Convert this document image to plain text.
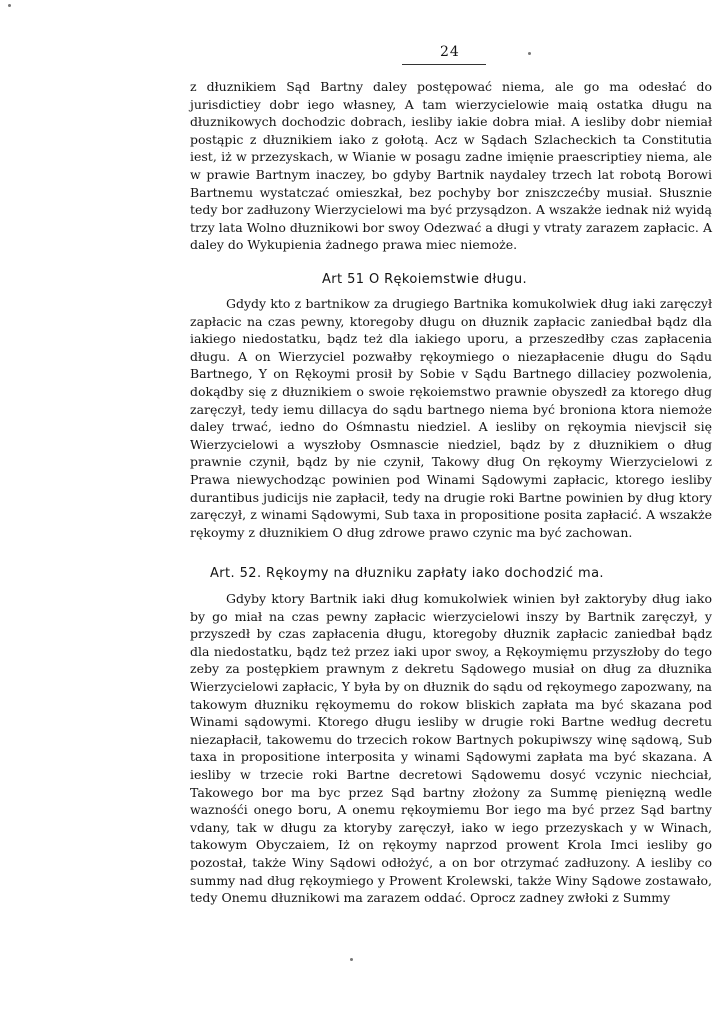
24

z dłuznikiem Sąd Bartny daley postępować niema, ale go ma odesłać do jurisdictiey dobr iego własney, A tam wierzycielowie maią ostatka długu na dłuznikowych dochodzic dobrach, iesliby iakie dobra miał. A iesliby dobr niemiał postąpic z dłuznikiem iako z gołotą. Acz w Sądach Szlacheckich ta Constitutia iest, iż w przezyskach, w Wianie w posagu zadne imięnie praescriptiey niema, ale w prawie Bartnym inaczey, bo gdyby Bartnik naydaley trzech lat robotą Borowi Bartnemu wystatczać omieszkał, bez pochyby bor zniszczećby musiał. Słusznie tedy bor zadłuzony Wierzycielowi ma być przysądzon. A wszakże iednak niż wyidą trzy lata Wolno dłuznikowi bor swoy Odezwać a długi y vtraty zarazem zapłacic. A daley do Wykupienia żadnego prawa miec niemoże.

Art 51 O Rękoiemstwie długu.

Gdydy kto z bartnikow za drugiego Bartnika komukolwiek dług iaki zaręczył zapłacic na czas pewny, ktoregoby długu on dłuznik zapłacic zaniedbał bądz dla iakiego niedostatku, bądz też dla iakiego uporu, a przeszedłby czas zapłacenia długu. A on Wierzyciel pozwałby rękoymiego o niezapłacenie długu do Sądu Bartnego, Y on Rękoymi prosił by Sobie v Sądu Bartnego dillaciey pozwolenia, dokądby się z dłuznikiem o swoie rękoiemstwo prawnie obyszedł za ktorego dług zaręczył, tedy iemu dillacya do sądu bartnego niema być broniona ktora niemoże daley trwać, iedno do Ośmnastu niedziel. A iesliby on rękoymia nievjscił się Wierzycielowi a wyszłoby Osmnascie niedziel, bądz by z dłuznikiem o dług prawnie czynił, bądz by nie czynił, Takowy dług On rękoymy Wierzycielowi z Prawa niewychodząc powinien pod Winami Sądowymi zapłacic, ktorego iesliby durantibus judicijs nie zapłacił, tedy na drugie roki Bartne powinien by dług ktory zaręczył, z winami Sądowymi, Sub taxa in propositione posita zapłacić. A wszakże rękoymy z dłuznikiem O dług zdrowe prawo czynic ma być zachowan.

Art. 52. Rękoymy na dłuzniku zapłaty iako dochodzić ma.

Gdyby ktory Bartnik iaki dług komukolwiek winien był zaktoryby dług iako by go miał na czas pewny zapłacic wierzycielowi inszy by Bartnik zaręczył, y przyszedł by czas zapłacenia długu, ktoregoby dłuznik zapłacic zaniedbał bądz dla niedostatku, bądz też przez iaki upor swoy, a Rękoymięmu przyszłoby do tego zeby za postępkiem prawnym z dekretu Sądowego musiał on dług za dłuznika Wierzycielowi zapłacic, Y była by on dłuznik do sądu od rękoymego zapozwany, na takowym dłuzniku rękoymemu do rokow bliskich zapłata ma być skazana pod Winami sądowymi. Ktorego długu iesliby w drugie roki Bartne według decretu niezapłacił, takowemu do trzecich rokow Bartnych pokupiwszy winę sądową, Sub taxa in propositione interposita y winami Sądowymi zapłata ma być skazana. A iesliby w trzecie roki Bartne decretowi Sądowemu dosyć vczynic niechciał, Takowego bor ma byc przez Sąd bartny złożony za Summę pienięzną wedle waznośći onego boru, A onemu rękoymiemu Bor iego ma być przez Sąd bartny vdany, tak w długu za ktoryby zaręczył, iako w iego przezyskach y w Winach, takowym Obyczaiem, Iż on rękoymy naprzod prowent Krola Imci iesliby go pozostał, także Winy Sądowi odłożyć, a on bor otrzymać zadłuzony. A iesliby co summy nad dług rękoymiego y Prowent Krolewski, także Winy Sądowe zostawało, tedy Onemu dłuznikowi ma zarazem oddać. Oprocz zadney zwłoki z Summy
